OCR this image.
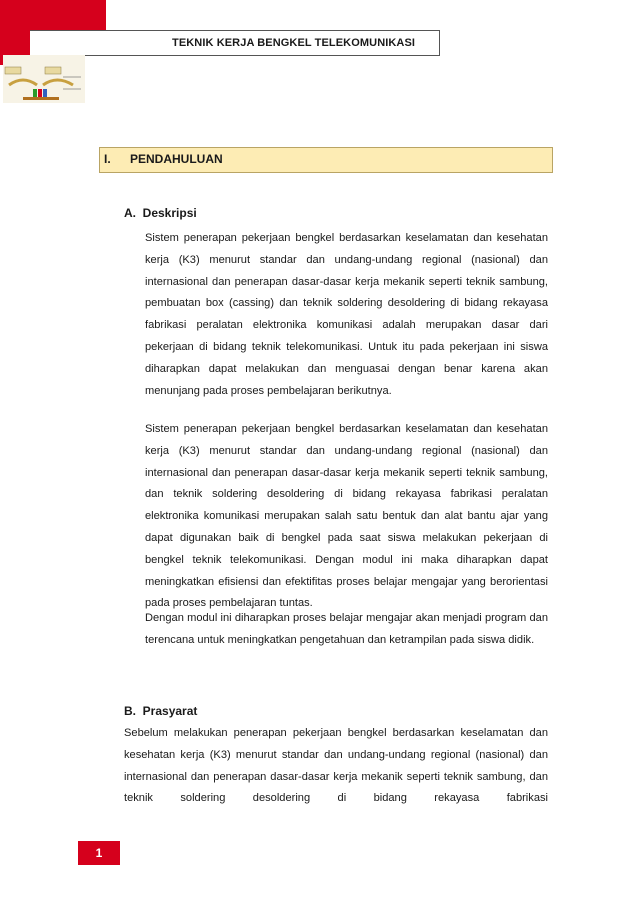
TEKNIK KERJA BENGKEL TELEKOMUNIKASI
I. PENDAHULUAN
A.  Deskripsi
Sistem penerapan pekerjaan bengkel berdasarkan keselamatan dan kesehatan kerja (K3) menurut standar dan undang-undang regional (nasional) dan internasional dan penerapan dasar-dasar kerja mekanik seperti teknik sambung, pembuatan box (cassing) dan teknik soldering desoldering di bidang rekayasa fabrikasi peralatan elektronika komunikasi adalah merupakan dasar dari pekerjaan di bidang teknik telekomunikasi. Untuk itu pada pekerjaan ini siswa diharapkan dapat melakukan dan menguasai dengan benar karena akan menunjang pada proses pembelajaran berikutnya.
Sistem penerapan pekerjaan bengkel berdasarkan keselamatan dan kesehatan kerja (K3) menurut standar dan undang-undang regional (nasional) dan internasional dan penerapan dasar-dasar kerja mekanik seperti teknik sambung, dan teknik soldering desoldering di bidang rekayasa fabrikasi peralatan elektronika komunikasi merupakan salah satu bentuk dan alat bantu ajar yang dapat digunakan baik di bengkel pada saat siswa melakukan pekerjaan di bengkel teknik telekomunikasi. Dengan modul ini maka diharapkan dapat meningkatkan efisiensi dan efektifitas proses belajar mengajar yang berorientasi pada proses pembelajaran tuntas.
Dengan modul ini diharapkan proses belajar mengajar akan menjadi program dan terencana untuk meningkatkan pengetahuan dan ketrampilan pada siswa didik.
B.  Prasyarat
Sebelum melakukan penerapan pekerjaan bengkel berdasarkan keselamatan dan kesehatan kerja (K3) menurut standar dan undang-undang regional (nasional) dan internasional dan penerapan dasar-dasar kerja mekanik seperti teknik sambung, dan teknik soldering desoldering di bidang rekayasa fabrikasi
1
